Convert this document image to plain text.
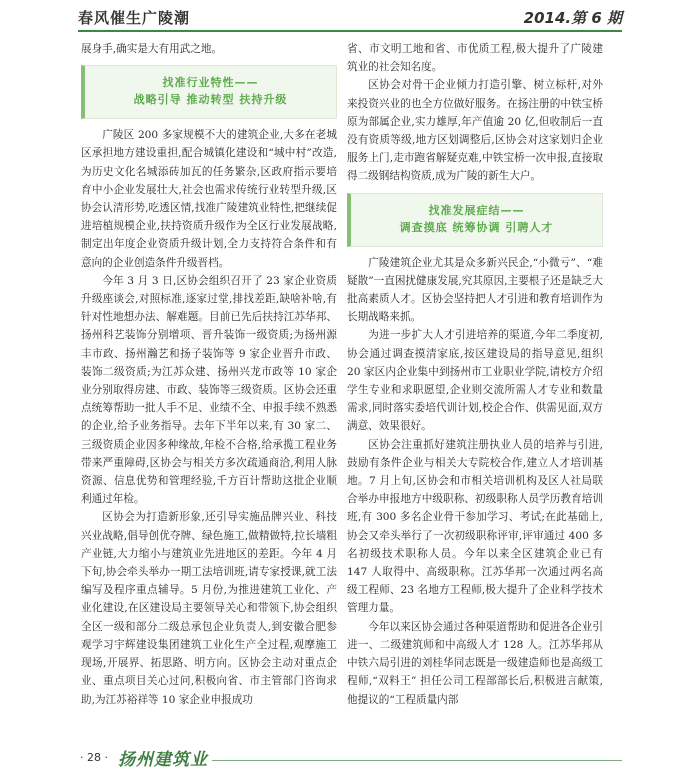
春风催生广陵潮	2014.第 6 期

展身手,确实是大有用武之地。

找准行业特性——
战略引导 推动转型 扶持升级

广陵区 200 多家规模不大的建筑企业,大多在老城区承担地方建设重担,配合城镇化建设和“城中村”改造,为历史文化名城添砖加瓦的任务繁杂,区政府指示要培育中小企业发展壮大,社会也需求传统行业转型升级,区协会认清形势,吃透区情,找准广陵建筑业特性,把继续促进培植规模企业,扶持资质升级作为全区行业发展战略,制定出年度企业资质升级计划,全力支持符合条件和有意向的企业创造条件升级晋档。

今年 3 月 3 日,区协会组织召开了 23 家企业资质升级座谈会,对照标准,逐家过堂,排找差距,缺啥补啥,有针对性地想办法、解难题。目前已先后扶持江苏华邦、扬州科艺装饰分别增项、晋升装饰一级资质;为扬州源丰市政、扬州瀚艺和扬子装饰等 9 家企业晋升市政、装饰二级资质;为江苏众建、扬州兴龙市政等 10 家企业分别取得房建、市政、装饰等三级资质。区协会还重点统筹帮助一批人手不足、业绩不全、申报手续不熟悉的企业,给予业务指导。去年下半年以来,有 30 家二、三级资质企业因多种缘故,年检不合格,给承揽工程业务带来严重障碍,区协会与相关方多次疏通商洽,利用人脉资源、信息优势和管理经验,千方百计帮助这批企业顺利通过年检。

区协会为打造新形象,还引导实施品牌兴业、科技兴业战略,倡导创优夺牌、绿色施工,做精做特,拉长墙粗产业链,大力缩小与建筑业先进地区的差距。今年 4 月下旬,协会牵头举办一期工法培训班,请专家授课,就工法编写及程序重点辅导。5 月份,为推进建筑工业化、产业化建设,在区建设局主要领导关心和带领下,协会组织全区一级和部分二级总承包企业负责人,到安徽合肥参观学习宇辉建设集团建筑工业化生产全过程,观摩施工现场,开展界、拓思路、明方向。区协会主动对重点企业、重点项目关心过问,积极向省、市主管部门咨询求助,为江苏裕祥等 10 家企业申报成功

省、市文明工地和省、市优质工程,极大提升了广陵建筑业的社会知名度。

区协会对骨干企业倾力打造引擎、树立标杆,对外来投资兴业的也全方位做好服务。在扬注册的中铁宝桥原为部属企业,实力雄厚,年产值逾 20 亿,但收制后一直没有资质等级,地方区划调整后,区协会对这家划归企业服务上门,走市跑省解疑克难,中铁宝桥一次申报,直接取得二级钢结构资质,成为广陵的新生大户。

找准发展症结——
调查摸底 统筹协调 引聘人才

广陵建筑企业尤其是众多新兴民企,“小微亏”、“难疑散”一直困扰健康发展,究其原因,主要根子还是缺乏大批高素质人才。区协会坚持把人才引进和教育培训作为长期战略来抓。

为进一步扩大人才引进培养的渠道,今年二季度初,协会通过调查摸清家底,按区建设局的指导意见,组织 20 家区内企业集中到扬州市工业职业学院,请校方介绍学生专业和求职愿望,企业则交流所需人才专业和数量需求,同时落实委培代训计划,校企合作、供需见面,双方满意、效果很好。

区协会注重抓好建筑注册执业人员的培养与引进,鼓励有条件企业与相关大专院校合作,建立人才培训基地。7 月上旬,区协会和市相关培训机构及区人社局联合举办申报地方中级职称、初级职称人员学历教育培训班,有 300 多名企业骨干参加学习、考试;在此基础上,协会又牵头举行了一次初级职称评审,评审通过 400 多名初级技术职称人员。今年以来全区建筑企业已有 147 人取得中、高级职称。江苏华邦一次通过两名高级工程师、23 名地方工程师,极大提升了企业科学技术管理力量。

今年以来区协会通过各种渠道帮助和促进各企业引进一、二级建筑师和中高级人才 128 人。江苏华邦从中铁六局引进的刘桂华同志既是一级建造师也是高级工程师,“双料王” 担任公司工程部部长后,积极进言献策,他提议的“工程质量内部

· 28 · 扬州建筑业
